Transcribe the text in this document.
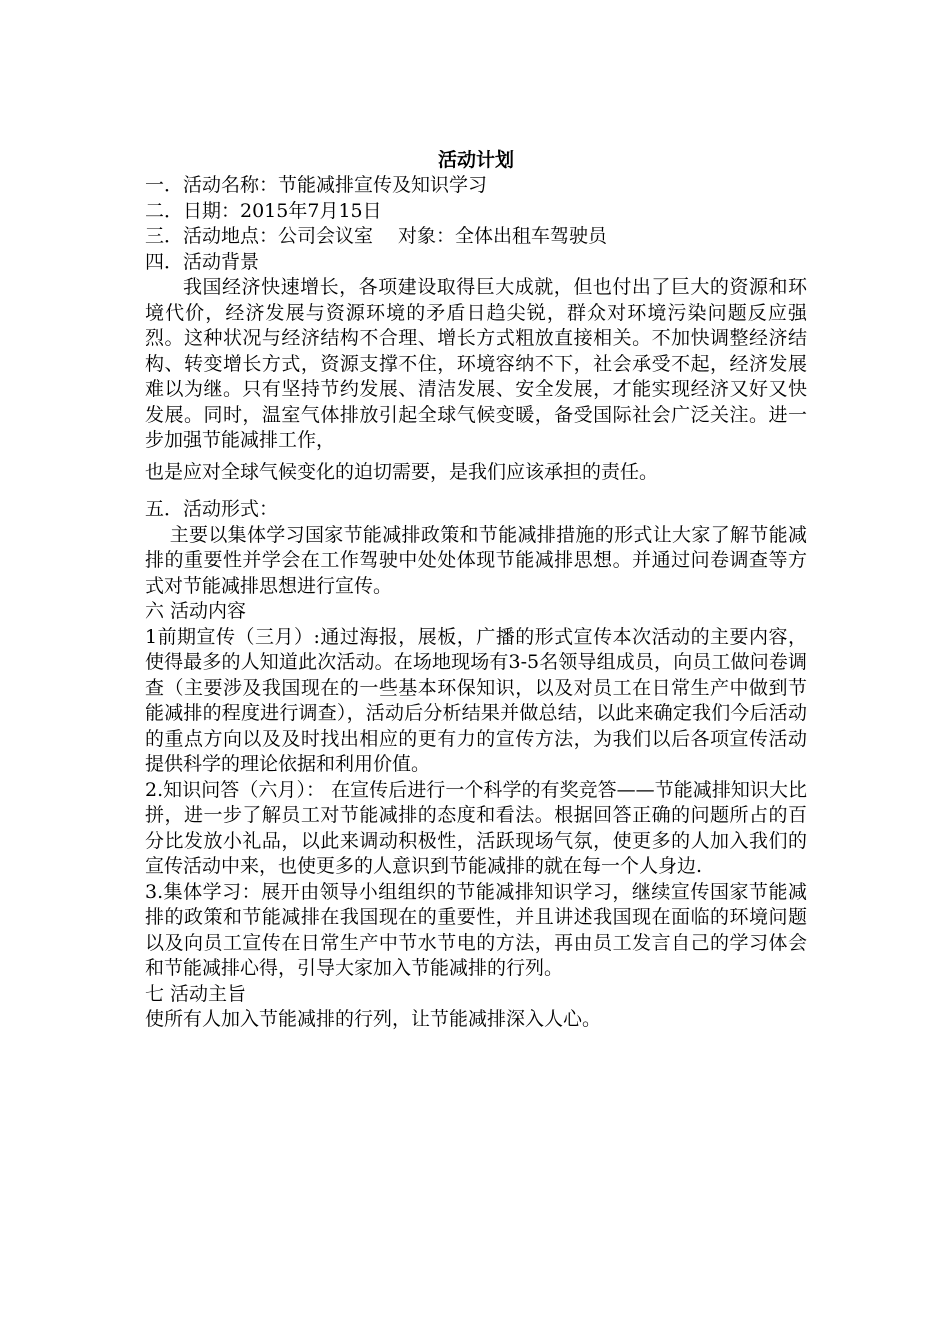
活动计划

一．活动名称：节能减排宣传及知识学习

二．日期：2015年7月15日

三．活动地点：公司会议室　 对象：全体出租车驾驶员

四．活动背景

我国经济快速增长，各项建设取得巨大成就，但也付出了巨大的资源和环境代价，经济发展与资源环境的矛盾日趋尖锐，群众对环境污染问题反应强烈。这种状况与经济结构不合理、增长方式粗放直接相关。不加快调整经济结构、转变增长方式，资源支撑不住，环境容纳不下，社会承受不起，经济发展难以为继。只有坚持节约发展、清洁发展、安全发展，才能实现经济又好又快发展。同时，温室气体排放引起全球气候变暖，备受国际社会广泛关注。进一步加强节能减排工作，

也是应对全球气候变化的迫切需要，是我们应该承担的责任。

五．活动形式：

主要以集体学习国家节能减排政策和节能减排措施的形式让大家了解节能减排的重要性并学会在工作驾驶中处处体现节能减排思想。并通过问卷调查等方式对节能减排思想进行宣传。

六 活动内容

1前期宣传（三月）:通过海报，展板，广播的形式宣传本次活动的主要内容，使得最多的人知道此次活动。在场地现场有3-5名领导组成员，向员工做问卷调查（主要涉及我国现在的一些基本环保知识，以及对员工在日常生产中做到节能减排的程度进行调查），活动后分析结果并做总结，以此来确定我们今后活动的重点方向以及及时找出相应的更有力的宣传方法，为我们以后各项宣传活动提供科学的理论依据和利用价值。

2.知识问答（六月）： 在宣传后进行一个科学的有奖竞答——节能减排知识大比拼，进一步了解员工对节能减排的态度和看法。根据回答正确的问题所占的百分比发放小礼品，以此来调动积极性，活跃现场气氛，使更多的人加入我们的宣传活动中来，也使更多的人意识到节能减排的就在每一个人身边.

3.集体学习：展开由领导小组组织的节能减排知识学习，继续宣传国家节能减排的政策和节能减排在我国现在的重要性，并且讲述我国现在面临的环境问题以及向员工宣传在日常生产中节水节电的方法，再由员工发言自己的学习体会和节能减排心得，引导大家加入节能减排的行列。

七 活动主旨

使所有人加入节能减排的行列，让节能减排深入人心。
